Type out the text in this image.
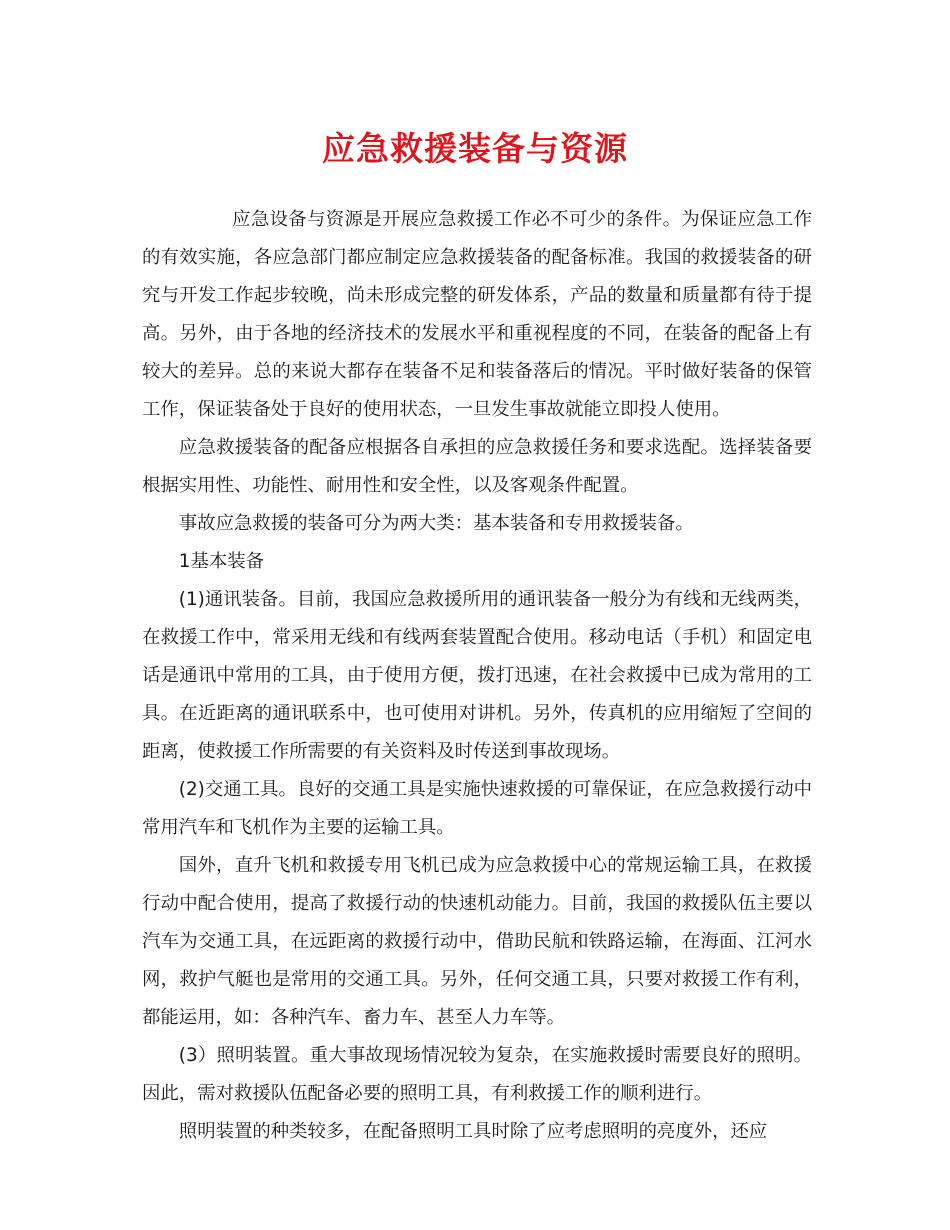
应急救援装备与资源

应急设备与资源是开展应急救援工作必不可少的条件。为保证应急工作的有效实施，各应急部门都应制定应急救援装备的配备标准。我国的救援装备的研究与开发工作起步较晚，尚未形成完整的研发体系，产品的数量和质量都有待于提高。另外，由于各地的经济技术的发展水平和重视程度的不同，在装备的配备上有较大的差异。总的来说大都存在装备不足和装备落后的情况。平时做好装备的保管工作，保证装备处于良好的使用状态，一旦发生事故就能立即投人使用。

应急救援装备的配备应根据各自承担的应急救援任务和要求选配。选择装备要根据实用性、功能性、耐用性和安全性，以及客观条件配置。

事故应急救援的装备可分为两大类：基本装备和专用救援装备。

1基本装备

(1)通讯装备。目前，我国应急救援所用的通讯装备一般分为有线和无线两类，在救援工作中，常采用无线和有线两套装置配合使用。移动电话（手机）和固定电话是通讯中常用的工具，由于使用方便，拨打迅速，在社会救援中已成为常用的工具。在近距离的通讯联系中，也可使用对讲机。另外，传真机的应用缩短了空间的距离，使救援工作所需要的有关资料及时传送到事故现场。

(2)交通工具。良好的交通工具是实施快速救援的可靠保证，在应急救援行动中常用汽车和飞机作为主要的运输工具。

国外，直升飞机和救援专用飞机已成为应急救援中心的常规运输工具，在救援行动中配合使用，提高了救援行动的快速机动能力。目前，我国的救援队伍主要以汽车为交通工具，在远距离的救援行动中，借助民航和铁路运输，在海面、江河水网，救护气艇也是常用的交通工具。另外，任何交通工具，只要对救援工作有利，都能运用，如：各种汽车、畜力车、甚至人力车等。

(3）照明装置。重大事故现场情况较为复杂，在实施救援时需要良好的照明。因此，需对救援队伍配备必要的照明工具，有利救援工作的顺利进行。

照明装置的种类较多，在配备照明工具时除了应考虑照明的亮度外，还应
